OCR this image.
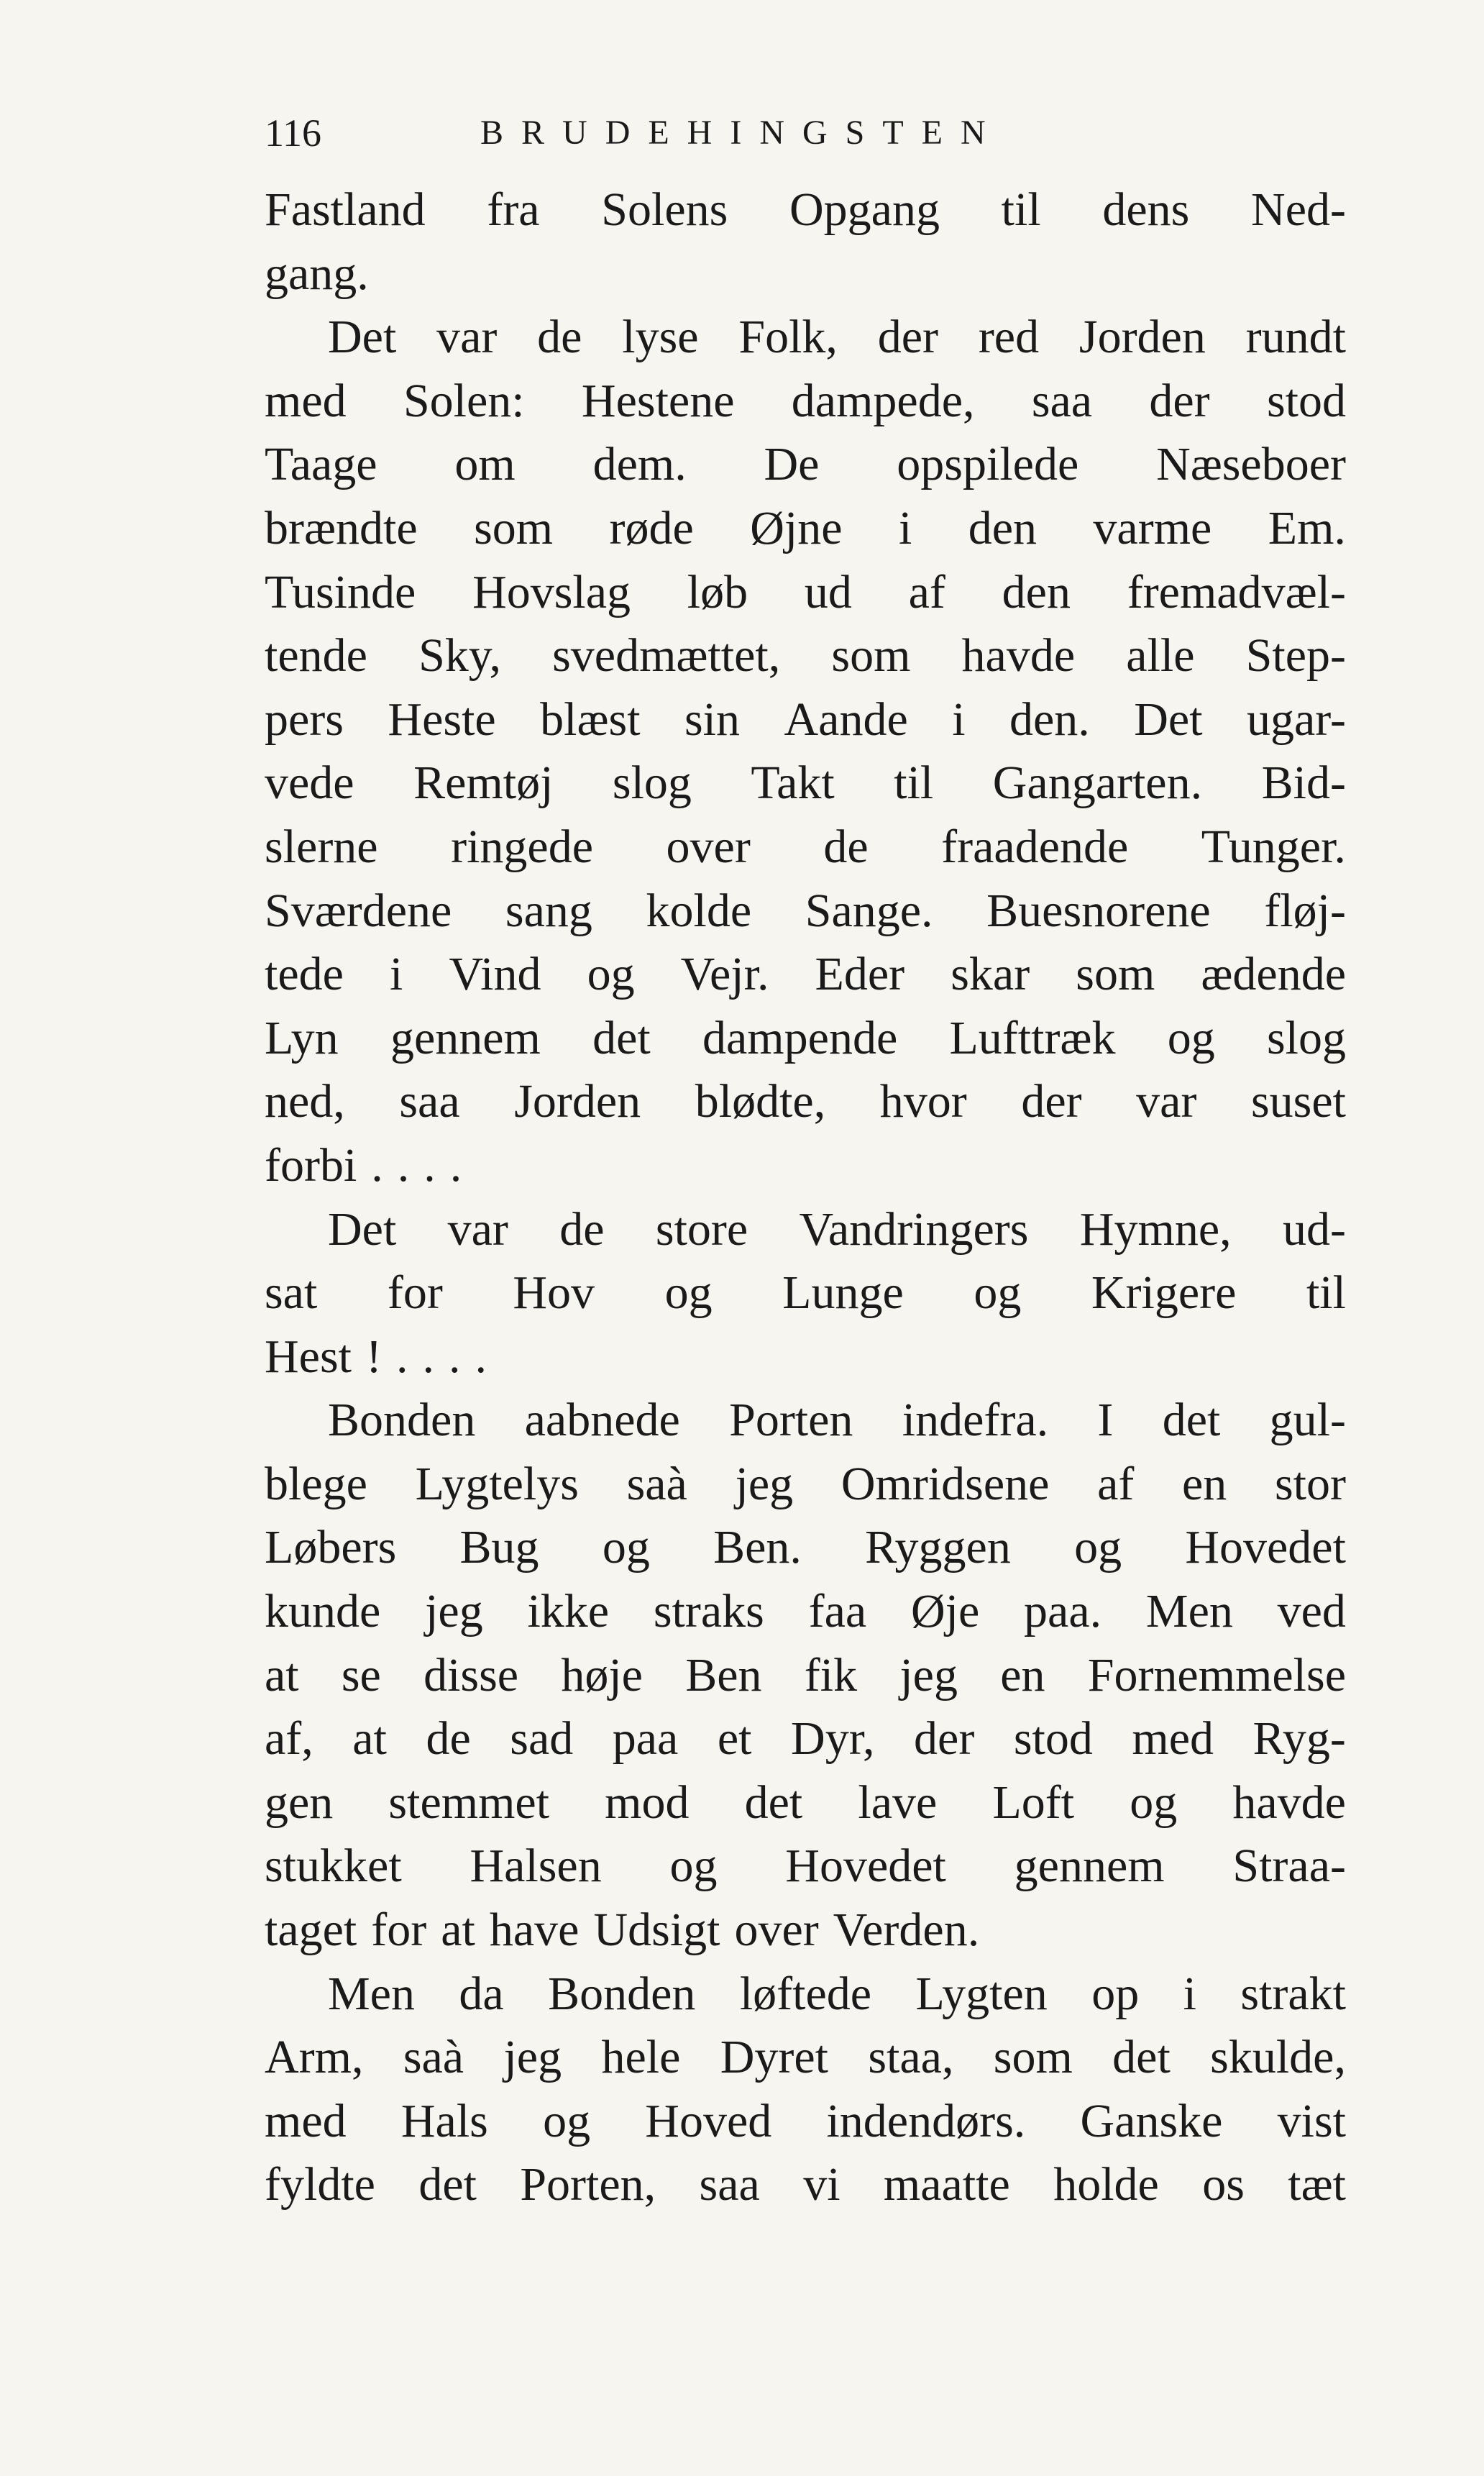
116	BRUDEHINGSTEN
Fastland fra Solens Opgang til dens Ned-
gang.
Det var de lyse Folk, der red Jorden rundt
med Solen: Hestene dampede, saa der stod
Taage om dem. De opspilede Næseboer
brændte som røde Øjne i den varme Em.
Tusinde Hovslag løb ud af den fremadvæl-
tende Sky, svedmættet, som havde alle Step-
pers Heste blæst sin Aande i den. Det ugar-
vede Remtøj slog Takt til Gangarten. Bid-
slerne ringede over de fraadende Tunger.
Sværdene sang kolde Sange. Buesnorene fløj-
tede i Vind og Vejr. Eder skar som ædende
Lyn gennem det dampende Lufttræk og slog
ned, saa Jorden blødte, hvor der var suset
forbi . . . .
Det var de store Vandringers Hymne, ud-
sat for Hov og Lunge og Krigere til
Hest ! . . . .
Bonden aabnede Porten indefra. I det gul-
blege Lygtelys saà jeg Omridsene af en stor
Løbers Bug og Ben. Ryggen og Hovedet
kunde jeg ikke straks faa Øje paa. Men ved
at se disse høje Ben fik jeg en Fornemmelse
af, at de sad paa et Dyr, der stod med Ryg-
gen stemmet mod det lave Loft og havde
stukket Halsen og Hovedet gennem Straa-
taget for at have Udsigt over Verden.
Men da Bonden løftede Lygten op i strakt
Arm, saà jeg hele Dyret staa, som det skulde,
med Hals og Hoved indendørs. Ganske vist
fyldte det Porten, saa vi maatte holde os tæt
